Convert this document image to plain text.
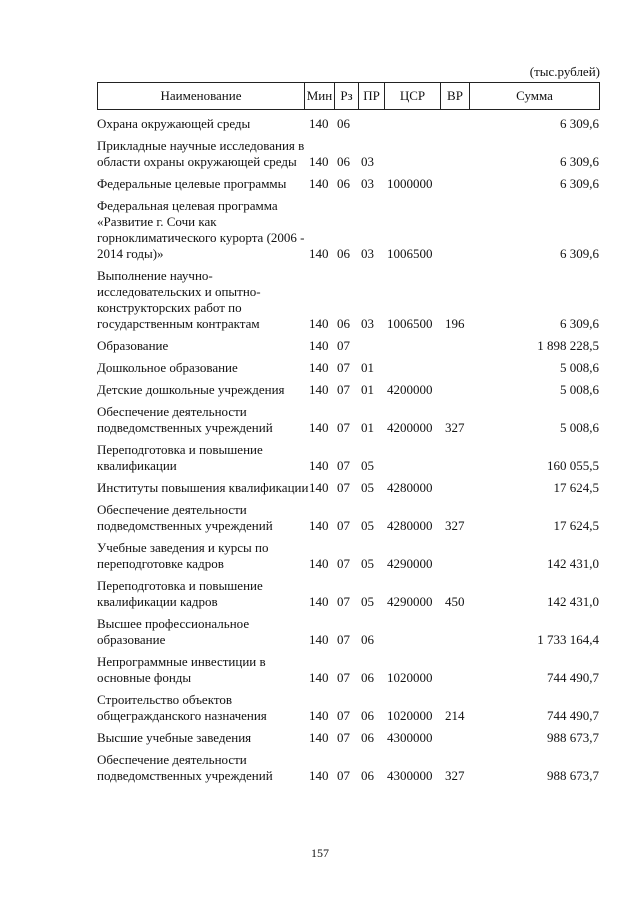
(тыс.рублей)
Наименование	Мин	Рз	ПР	ЦСР	ВР	Сумма
Охрана окружающей среды	140	06				6 309,6
Прикладные научные исследования в области охраны окружающей среды	140	06	03			6 309,6
Федеральные целевые программы	140	06	03	1000000		6 309,6
Федеральная целевая программа «Развитие г. Сочи как горноклиматического курорта (2006 - 2014 годы)»	140	06	03	1006500		6 309,6
Выполнение научно-исследовательских и опытно-конструкторских работ по государственным контрактам	140	06	03	1006500	196	6 309,6
Образование	140	07				1 898 228,5
Дошкольное образование	140	07	01			5 008,6
Детские дошкольные учреждения	140	07	01	4200000		5 008,6
Обеспечение деятельности подведомственных учреждений	140	07	01	4200000	327	5 008,6
Переподготовка и повышение квалификации	140	07	05			160 055,5
Институты повышения квалификации	140	07	05	4280000		17 624,5
Обеспечение деятельности подведомственных учреждений	140	07	05	4280000	327	17 624,5
Учебные заведения и курсы по переподготовке кадров	140	07	05	4290000		142 431,0
Переподготовка и повышение квалификации кадров	140	07	05	4290000	450	142 431,0
Высшее профессиональное образование	140	07	06			1 733 164,4
Непрограммные инвестиции в основные фонды	140	07	06	1020000		744 490,7
Строительство объектов общегражданского назначения	140	07	06	1020000	214	744 490,7
Высшие учебные заведения	140	07	06	4300000		988 673,7
Обеспечение деятельности подведомственных учреждений	140	07	06	4300000	327	988 673,7
157
